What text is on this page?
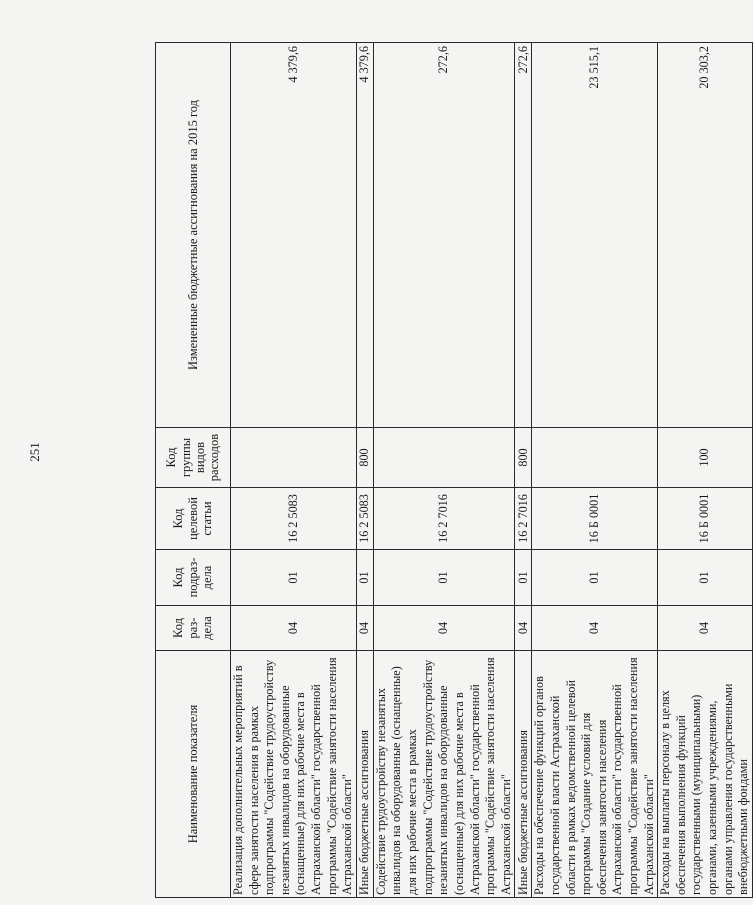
251
Наименование показателя	Код раз-дела	Код подраз-дела	Код целевой статьи	Код группы видов расходов	Измененные бюджетные ассигнования на 2015 год
Реализация дополнительных мероприятий в сфере занятости населения в рамках подпрограммы "Содействие трудоустройству незанятых инвалидов на оборудованные (оснащенные) для них рабочие места в Астраханской области" государственной программы "Содействие занятости населения Астраханской области"	04	01	16 2 5083		4 379,6
Иные бюджетные ассигнования	04	01	16 2 5083	800	4 379,6
Содействие трудоустройству незанятых инвалидов на оборудованные (оснащенные) для них рабочие места в рамках подпрограммы "Содействие трудоустройству незанятых инвалидов на оборудованные (оснащенные) для них рабочие места в Астраханской области" государственной программы "Содействие занятости населения Астраханской области"	04	01	16 2 7016		272,6
Иные бюджетные ассигнования	04	01	16 2 7016	800	272,6
Расходы на обеспечение функций органов государственной власти Астраханской области в рамках ведомственной целевой программы "Создание условий для обеспечения занятости населения Астраханской области" государственной программы "Содействие занятости населения Астраханской области"	04	01	16 Б 0001		23 515,1
Расходы на выплаты персоналу в целях обеспечения выполнения функций государственными (муниципальными) органами, казенными учреждениями, органами управления государственными внебюджетными фондами	04	01	16 Б 0001	100	20 303,2
